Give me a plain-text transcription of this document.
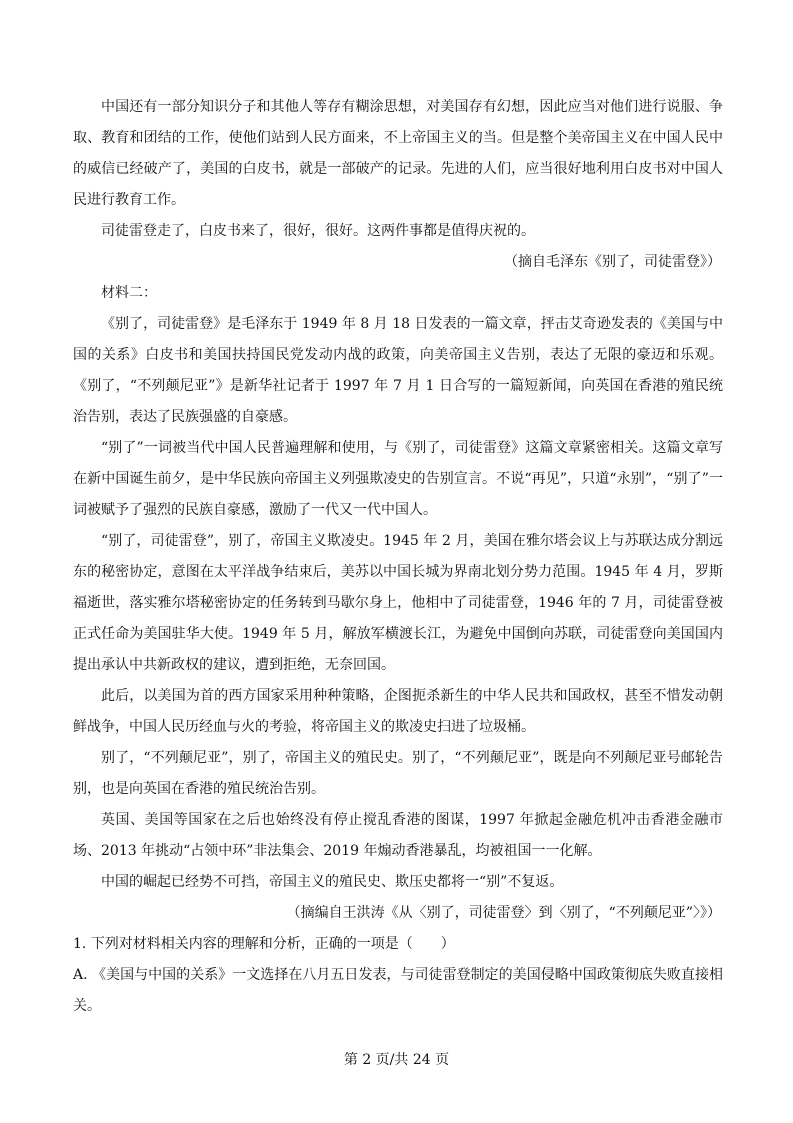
中国还有一部分知识分子和其他人等存有糊涂思想，对美国存有幻想，因此应当对他们进行说服、争取、教育和团结的工作，使他们站到人民方面来，不上帝国主义的当。但是整个美帝国主义在中国人民中的威信已经破产了，美国的白皮书，就是一部破产的记录。先进的人们，应当很好地利用白皮书对中国人民进行教育工作。

司徒雷登走了，白皮书来了，很好，很好。这两件事都是值得庆祝的。

（摘自毛泽东《别了，司徒雷登》）

材料二：

《别了，司徒雷登》是毛泽东于 1949 年 8 月 18 日发表的一篇文章，抨击艾奇逊发表的《美国与中国的关系》白皮书和美国扶持国民党发动内战的政策，向美帝国主义告别，表达了无限的豪迈和乐观。《别了，“不列颠尼亚”》是新华社记者于 1997 年 7 月 1 日合写的一篇短新闻，向英国在香港的殖民统治告别，表达了民族强盛的自豪感。

“别了”一词被当代中国人民普遍理解和使用，与《别了，司徒雷登》这篇文章紧密相关。这篇文章写在新中国诞生前夕，是中华民族向帝国主义列强欺凌史的告别宣言。不说“再见”，只道“永别”，“别了”一词被赋予了强烈的民族自豪感，激励了一代又一代中国人。

“别了，司徒雷登”，别了，帝国主义欺凌史。1945 年 2 月，美国在雅尔塔会议上与苏联达成分割远东的秘密协定，意图在太平洋战争结束后，美苏以中国长城为界南北划分势力范围。1945 年 4 月，罗斯福逝世，落实雅尔塔秘密协定的任务转到马歇尔身上，他相中了司徒雷登，1946 年的 7 月，司徒雷登被正式任命为美国驻华大使。1949 年 5 月，解放军横渡长江，为避免中国倒向苏联，司徒雷登向美国国内提出承认中共新政权的建议，遭到拒绝，无奈回国。

此后，以美国为首的西方国家采用种种策略，企图扼杀新生的中华人民共和国政权，甚至不惜发动朝鲜战争，中国人民历经血与火的考验，将帝国主义的欺凌史扫进了垃圾桶。

别了，“不列颠尼亚”，别了，帝国主义的殖民史。别了，“不列颠尼亚”，既是向不列颠尼亚号邮轮告别，也是向英国在香港的殖民统治告别。

英国、美国等国家在之后也始终没有停止搅乱香港的图谋，1997 年掀起金融危机冲击香港金融市场、2013 年挑动“占领中环”非法集会、2019 年煽动香港暴乱，均被祖国一一化解。

中国的崛起已经势不可挡，帝国主义的殖民史、欺压史都将一“别”不复返。

（摘编自王洪涛《从〈别了，司徒雷登〉到〈别了，“不列颠尼亚”〉》）

1. 下列对材料相关内容的理解和分析，正确的一项是（　　）

A. 《美国与中国的关系》一文选择在八月五日发表，与司徒雷登制定的美国侵略中国政策彻底失败直接相关。

第 2 页/共 24 页
